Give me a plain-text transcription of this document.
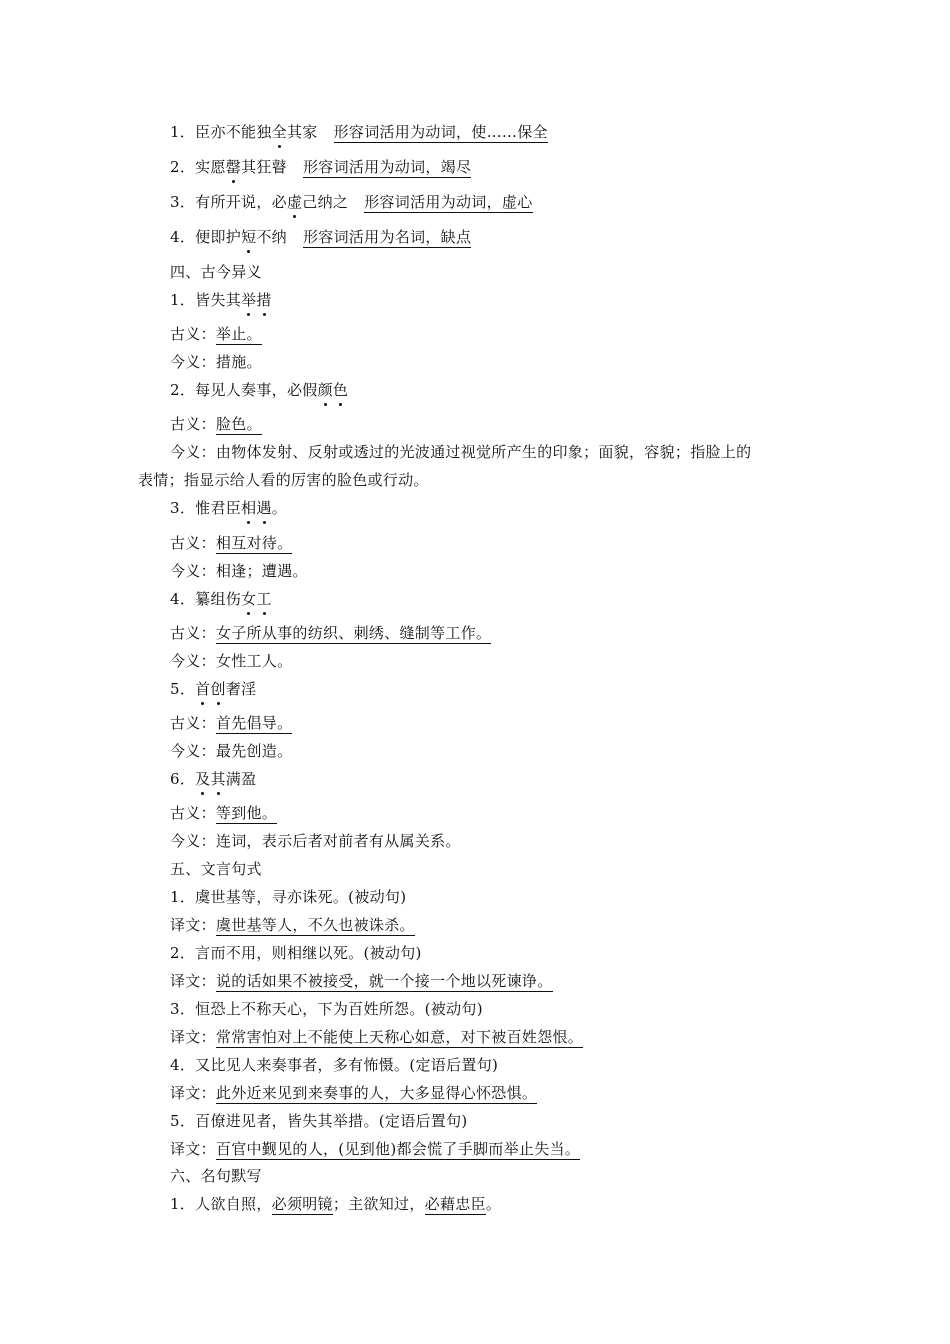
1．臣亦不能独全其家 形容词活用为动词，使……保全
2．实愿罄其狂瞽 形容词活用为动词，竭尽
3．有所开说，必虚己纳之 形容词活用为动词，虚心
4．便即护短不纳 形容词活用为名词，缺点
四、古今异义
1．皆失其举措
古义：举止。
今义：措施。
2．每见人奏事，必假颜色
古义：脸色。
今义：由物体发射、反射或透过的光波通过视觉所产生的印象；面貌，容貌；指脸上的
表情；指显示给人看的厉害的脸色或行动。
3．惟君臣相遇。
古义：相互对待。
今义：相逢；遭遇。
4．纂组伤女工
古义：女子所从事的纺织、刺绣、缝制等工作。
今义：女性工人。
5．首创奢淫
古义：首先倡导。
今义：最先创造。
6．及其满盈
古义：等到他。
今义：连词，表示后者对前者有从属关系。
五、文言句式
1．虞世基等，寻亦诛死。(被动句)
译文：虞世基等人，不久也被诛杀。
2．言而不用，则相继以死。(被动句)
译文：说的话如果不被接受，就一个接一个地以死谏诤。
3．恒恐上不称天心，下为百姓所怨。(被动句)
译文：常常害怕对上不能使上天称心如意，对下被百姓怨恨。
4．又比见人来奏事者，多有怖慑。(定语后置句)
译文：此外近来见到来奏事的人，大多显得心怀恐惧。
5．百僚进见者，皆失其举措。(定语后置句)
译文：百官中觐见的人，(见到他)都会慌了手脚而举止失当。
六、名句默写
1．人欲自照，必须明镜；主欲知过，必藉忠臣。
